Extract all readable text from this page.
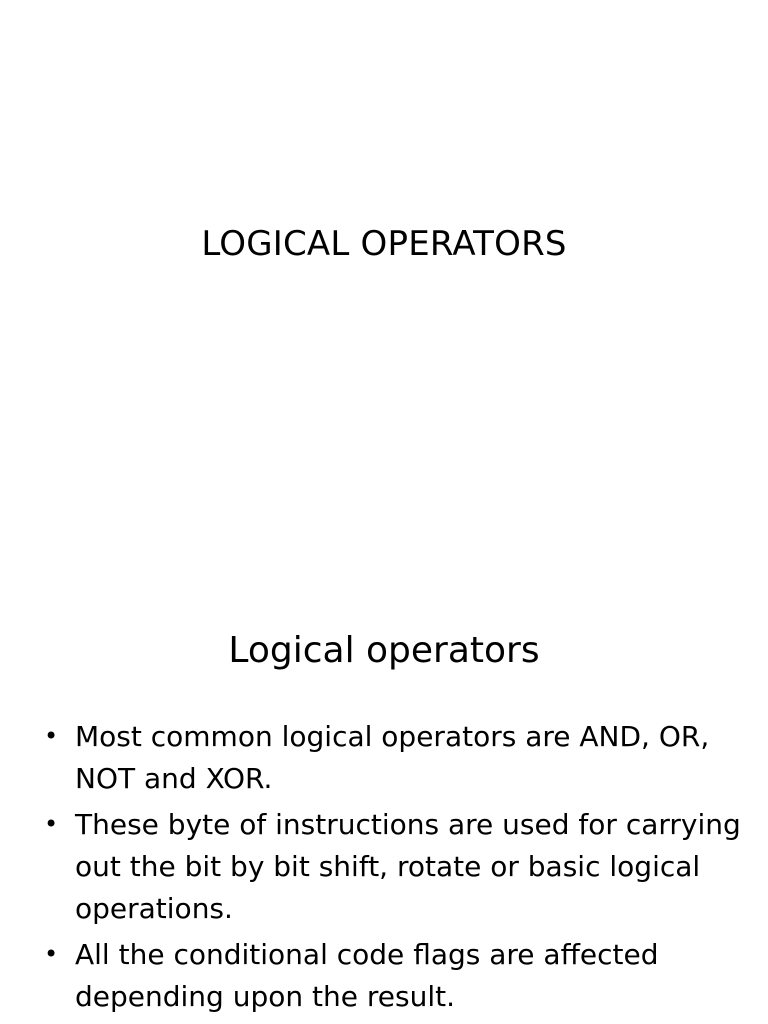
LOGICAL OPERATORS
Logical operators
• Most common logical operators are AND, OR, NOT and XOR.
• These byte of instructions are used for carrying out the bit by bit shift, rotate or basic logical operations.
• All the conditional code flags are affected depending upon the result.
